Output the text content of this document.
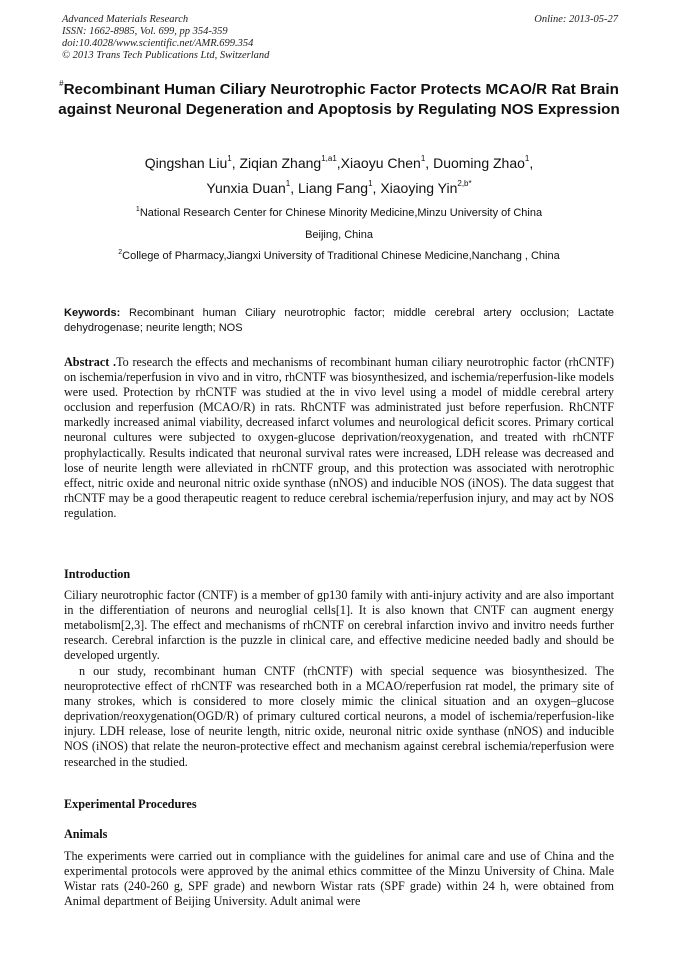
Advanced Materials Research
ISSN: 1662-8985, Vol. 699, pp 354-359
doi:10.4028/www.scientific.net/AMR.699.354
© 2013 Trans Tech Publications Ltd, Switzerland
Online: 2013-05-27
#Recombinant Human Ciliary Neurotrophic Factor Protects MCAO/R Rat Brain against Neuronal Degeneration and Apoptosis by Regulating NOS Expression
Qingshan Liu$^1$, Ziqian Zhang$^{1,a1}$,Xiaoyu Chen$^1$, Duoming Zhao$^1$,
Yunxia Duan$^1$, Liang Fang$^1$, Xiaoying Yin$^{2,b*}$
$^1$National Research Center for Chinese Minority Medicine,Minzu University of China
Beijing, China
$^2$College of Pharmacy,Jiangxi University of Traditional Chinese Medicine,Nanchang , China
Keywords: Recombinant human Ciliary neurotrophic factor; middle cerebral artery occlusion; Lactate dehydrogenase; neurite length; NOS
Abstract .To research the effects and mechanisms of recombinant human ciliary neurotrophic factor (rhCNTF) on ischemia/reperfusion in vivo and in vitro, rhCNTF was biosynthesized, and ischemia/reperfusion-like models were used. Protection by rhCNTF was studied at the in vivo level using a model of middle cerebral artery occlusion and reperfusion (MCAO/R) in rats. RhCNTF was administrated just before reperfusion. RhCNTF markedly increased animal viability, decreased infarct volumes and neurological deficit scores. Primary cortical neuronal cultures were subjected to oxygen-glucose deprivation/reoxygenation, and treated with rhCNTF prophylactically. Results indicated that neuronal survival rates were increased, LDH release was decreased and lose of neurite length were alleviated in rhCNTF group, and this protection was associated with nerotrophic effect, nitric oxide and neuronal nitric oxide synthase (nNOS) and inducible NOS (iNOS). The data suggest that rhCNTF may be a good therapeutic reagent to reduce cerebral ischemia/reperfusion injury, and may act by NOS regulation.
Introduction
Ciliary neurotrophic factor (CNTF) is a member of gp130 family with anti-injury activity and are also important in the differentiation of neurons and neuroglial cells[1]. It is also known that CNTF can augment energy metabolism[2,3]. The effect and mechanisms of rhCNTF on cerebral infarction invivo and invitro needs further research. Cerebral infarction is the puzzle in clinical care, and effective medicine needed badly and should be developed urgently.
n our study, recombinant human CNTF (rhCNTF) with special sequence was biosynthesized. The neuroprotective effect of rhCNTF was researched both in a MCAO/reperfusion rat model, the primary site of many strokes, which is considered to more closely mimic the clinical situation and an oxygen–glucose deprivation/reoxygenation(OGD/R) of primary cultured cortical neurons, a model of ischemia/reperfusion-like injury. LDH release, lose of neurite length, nitric oxide, neuronal nitric oxide synthase (nNOS) and inducible NOS (iNOS) that relate the neuron-protective effect and mechanism against cerebral ischemia/reperfusion were researched in the studied.
Experimental Procedures
Animals
The experiments were carried out in compliance with the guidelines for animal care and use of China and the experimental protocols were approved by the animal ethics committee of the Minzu University of China. Male Wistar rats (240-260 g, SPF grade) and newborn Wistar rats (SPF grade) within 24 h, were obtained from Animal department of Beijing University. Adult animal were
